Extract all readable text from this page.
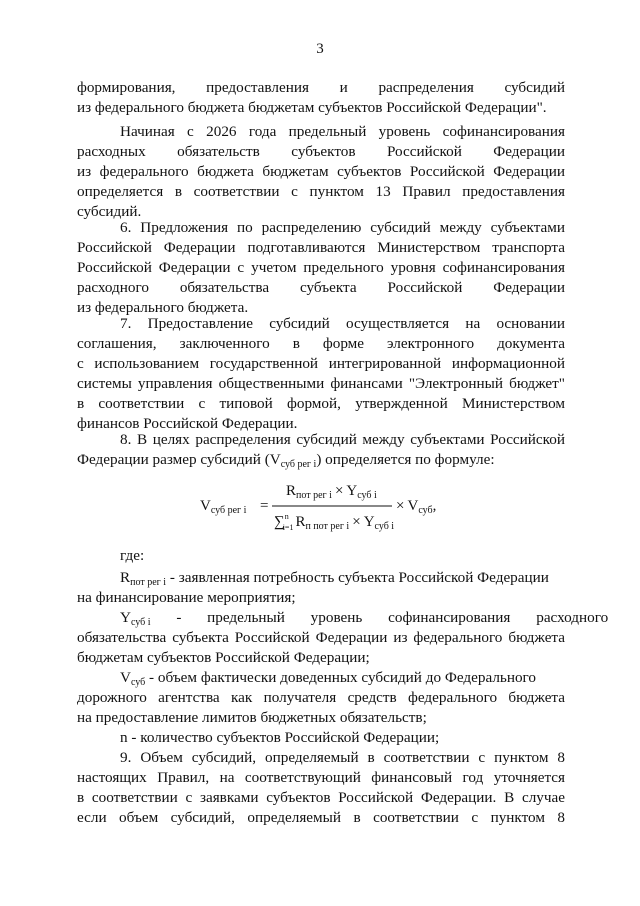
3
формирования, предоставления и распределения субсидий
из федерального бюджета бюджетам субъектов Российской Федерации".
Начиная с 2026 года предельный уровень софинансирования
расходных обязательств субъектов Российской Федерации
из федерального бюджета бюджетам субъектов Российской Федерации
определяется в соответствии с пунктом 13 Правил предоставления
субсидий.
6. Предложения по распределению субсидий между субъектами
Российской Федерации подготавливаются Министерством транспорта
Российской Федерации с учетом предельного уровня софинансирования
расходного обязательства субъекта Российской Федерации
из федерального бюджета.
7. Предоставление субсидий осуществляется на основании
соглашения, заключенного в форме электронного документа
с использованием государственной интегрированной информационной
системы управления общественными финансами "Электронный бюджет"
в соответствии с типовой формой, утвержденной Министерством
финансов Российской Федерации.
8. В целях распределения субсидий между субъектами Российской
Федерации размер субсидий $(V_{суб рег i})$ определяется по формуле:
$V_{суб рег i}$ =
$R_{пот рег i} \times Y_{суб i}$
∑$^n$ i=1 $R_{п пот рег i} \times Y_{суб i}$
× $V_{суб}$,
где:
$R_{пот рег i}$ - заявленная потребность субъекта Российской Федерации
на финансирование мероприятия;
$Y_{суб i}$ - предельный уровень софинансирования расходного
обязательства субъекта Российской Федерации из федерального бюджета
бюджетам субъектов Российской Федерации;
$V_{суб}$ - объем фактически доведенных субсидий до Федерального
дорожного агентства как получателя средств федерального бюджета
на предоставление лимитов бюджетных обязательств;
n - количество субъектов Российской Федерации;
9. Объем субсидий, определяемый в соответствии с пунктом 8
настоящих Правил, на соответствующий финансовый год уточняется
в соответствии с заявками субъектов Российской Федерации. В случае
если объем субсидий, определяемый в соответствии с пунктом 8
